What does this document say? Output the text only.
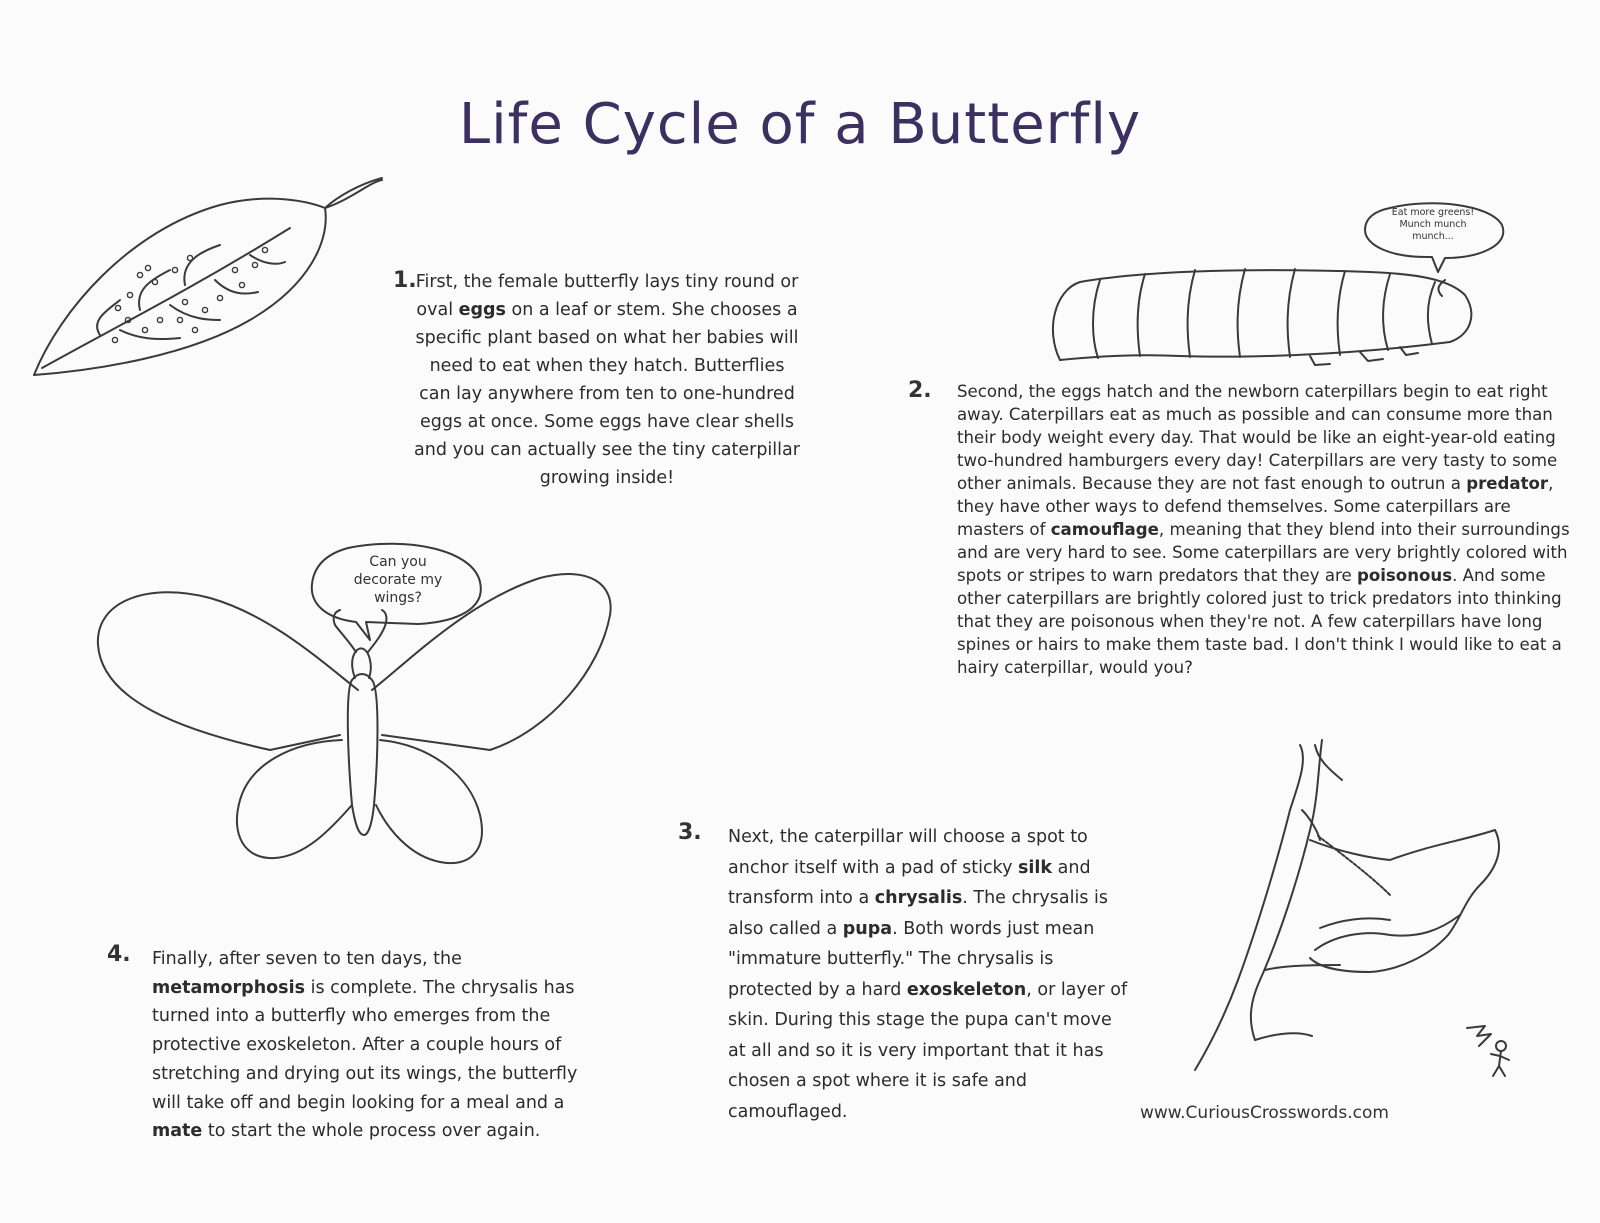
Life Cycle of a Butterfly
1. First, the female butterfly lays tiny round or oval eggs on a leaf or stem. She chooses a specific plant based on what her babies will need to eat when they hatch. Butterflies can lay anywhere from ten to one-hundred eggs at once. Some eggs have clear shells and you can actually see the tiny caterpillar growing inside!

Eat more greens! Munch munch munch...

2. Second, the eggs hatch and the newborn caterpillars begin to eat right away. Caterpillars eat as much as possible and can consume more than their body weight every day. That would be like an eight-year-old eating two-hundred hamburgers every day! Caterpillars are very tasty to some other animals. Because they are not fast enough to outrun a predator, they have other ways to defend themselves. Some caterpillars are masters of camouflage, meaning that they blend into their surroundings and are very hard to see. Some caterpillars are very brightly colored with spots or stripes to warn predators that they are poisonous. And some other caterpillars are brightly colored just to trick predators into thinking that they are poisonous when they're not. A few caterpillars have long spines or hairs to make them taste bad. I don't think I would like to eat a hairy caterpillar, would you?

Can you decorate my wings?

3. Next, the caterpillar will choose a spot to anchor itself with a pad of sticky silk and transform into a chrysalis. The chrysalis is also called a pupa. Both words just mean "immature butterfly." The chrysalis is protected by a hard exoskeleton, or layer of skin. During this stage the pupa can't move at all and so it is very important that it has chosen a spot where it is safe and camouflaged.

4. Finally, after seven to ten days, the metamorphosis is complete. The chrysalis has turned into a butterfly who emerges from the protective exoskeleton. After a couple hours of stretching and drying out its wings, the butterfly will take off and begin looking for a meal and a mate to start the whole process over again.

www.CuriousCrosswords.com
